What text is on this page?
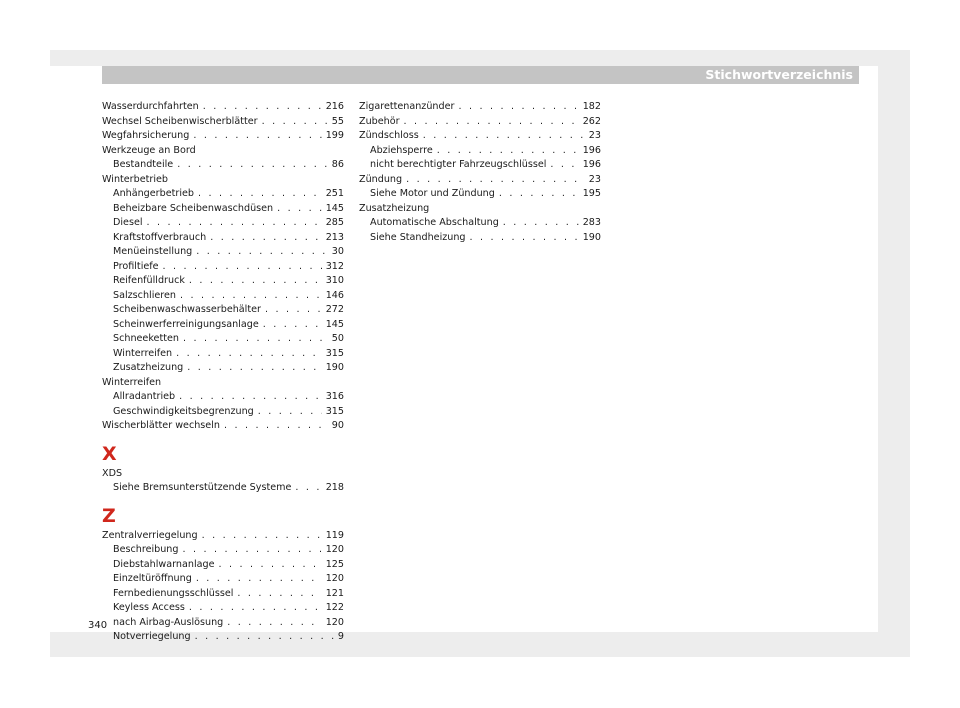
Stichwortverzeichnis
Wasserdurchfahrten . . .	216
Wechsel Scheibenwischerblätter . . .	55
Wegfahrsicherung . . .	199
Werkzeuge an Bord
Bestandteile . . .	86
Winterbetrieb
Anhängerbetrieb . . .	251
Beheizbare Scheibenwaschdüsen . . .	145
Diesel . . .	285
Kraftstoffverbrauch . . .	213
Menüeinstellung . . .	30
Profiltiefe . . .	312
Reifenfülldruck . . .	310
Salzschlieren . . .	146
Scheibenwaschwasserbehälter . . .	272
Scheinwerferreinigungsanlage . . .	145
Schneeketten . . .	50
Winterreifen . . .	315
Zusatzheizung . . .	190
Winterreifen
Allradantrieb . . .	316
Geschwindigkeitsbegrenzung . . .	315
Wischerblätter wechseln . . .	90
X
XDS
Siehe Bremsunterstützende Systeme . . .	218
Z
Zentralverriegelung . . .	119
Beschreibung . . .	120
Diebstahlwarnanlage . . .	125
Einzeltüröffnung . . .	120
Fernbedienungsschlüssel . . .	121
Keyless Access . . .	122
nach Airbag-Auslösung . . .	120
Notverriegelung . . .	9
Zigarettenanzünder . . .	182
Zubehör . . .	262
Zündschloss . . .	23
Abziehsperre . . .	196
nicht berechtigter Fahrzeugschlüssel . . .	196
Zündung . . .	23
Siehe Motor und Zündung . . .	195
Zusatzheizung
Automatische Abschaltung . . .	283
Siehe Standheizung . . .	190
340
